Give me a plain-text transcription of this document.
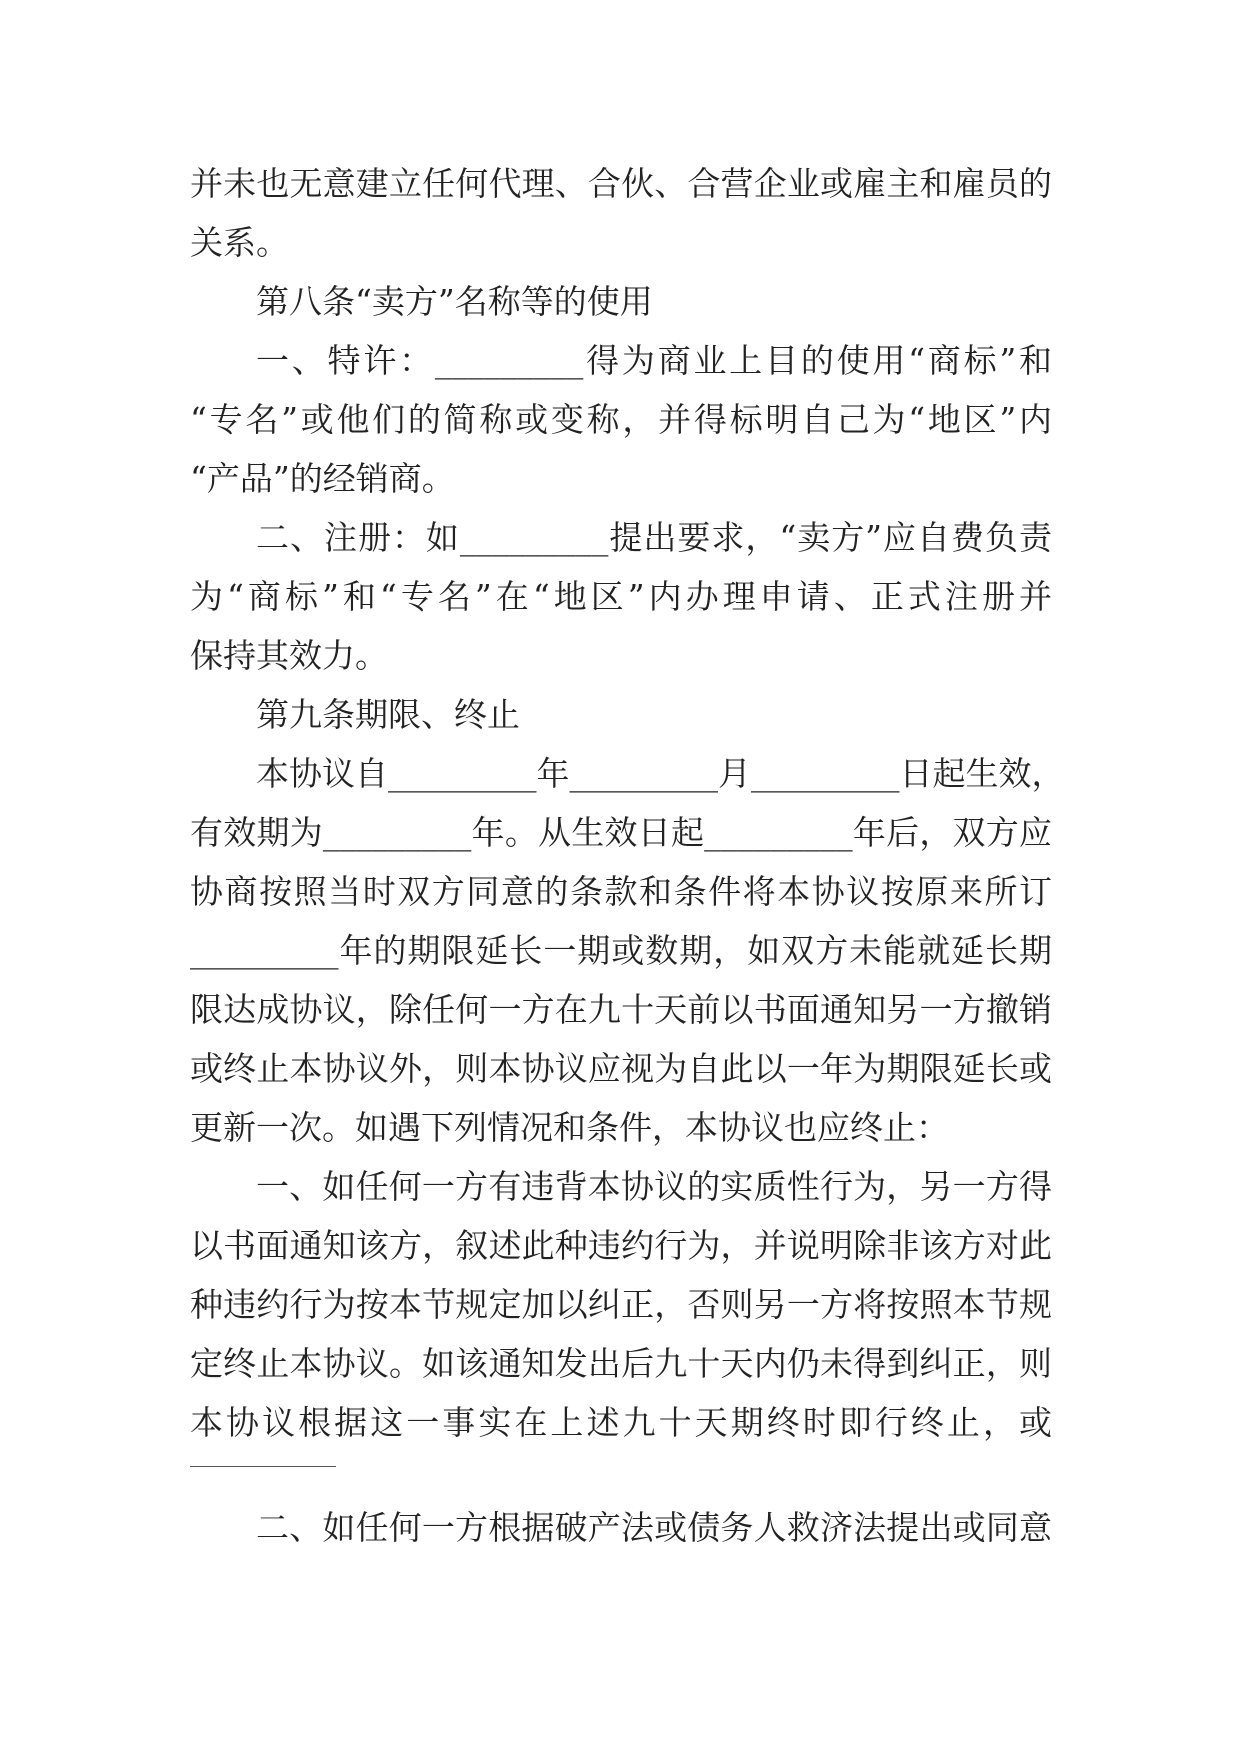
并未也无意建立任何代理、合伙、合营企业或雇主和雇员的
关系。
第八条“卖方”名称等的使用
一、特许：_________得为商业上目的使用“商标”和
“专名”或他们的简称或变称，并得标明自己为“地区”内
“产品”的经销商。
二、注册：如_________提出要求，“卖方”应自费负责
为“商标”和“专名”在“地区”内办理申请、正式注册并
保持其效力。
第九条期限、终止
本协议自_________年_________月_________日起生效，
有效期为_________年。从生效日起_________年后，双方应
协商按照当时双方同意的条款和条件将本协议按原来所订
_________年的期限延长一期或数期，如双方未能就延长期
限达成协议，除任何一方在九十天前以书面通知另一方撤销
或终止本协议外，则本协议应视为自此以一年为期限延长或
更新一次。如遇下列情况和条件，本协议也应终止：
一、如任何一方有违背本协议的实质性行为，另一方得
以书面通知该方，叙述此种违约行为，并说明除非该方对此
种违约行为按本节规定加以纠正，否则另一方将按照本节规
定终止本协议。如该通知发出后九十天内仍未得到纠正，则
本协议根据这一事实在上述九十天期终时即行终止，或
二、如任何一方根据破产法或债务人救济法提出或同意
